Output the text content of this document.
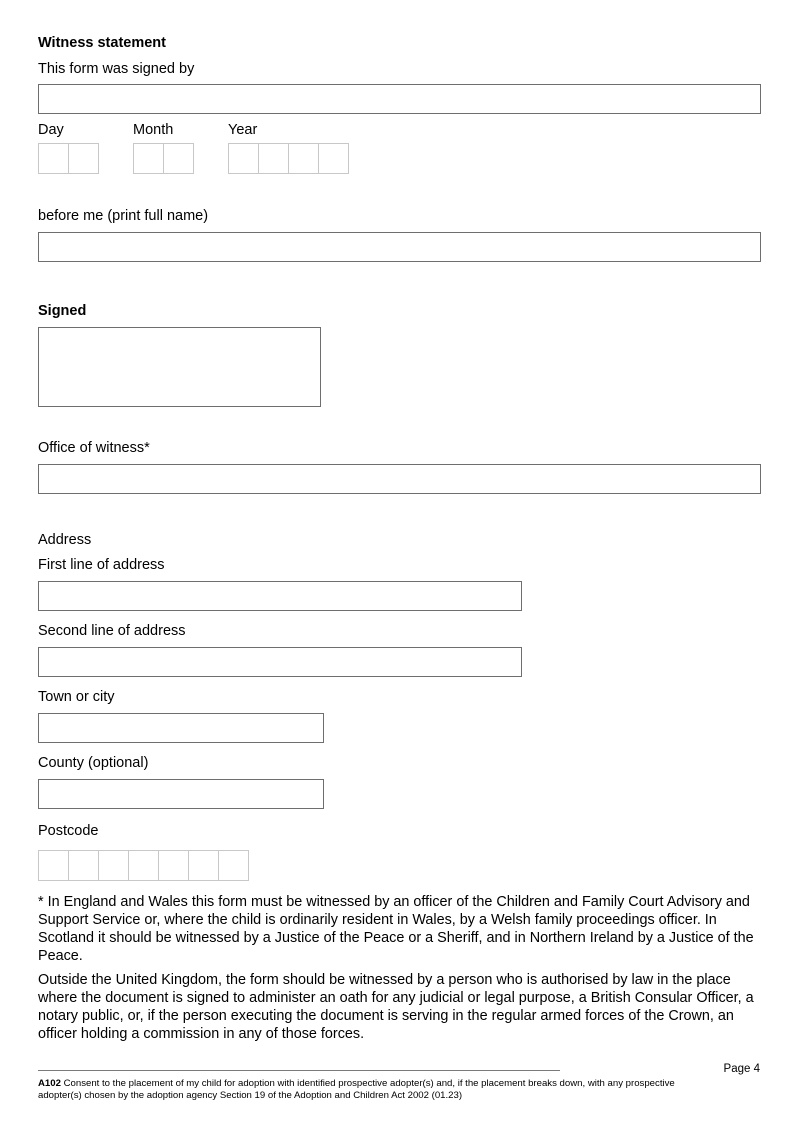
Witness statement
This form was signed by
Day	Month	Year
before me (print full name)
Signed
Office of witness*
Address
First line of address
Second line of address
Town or city
County (optional)
Postcode
* In England and Wales this form must be witnessed by an officer of the Children and Family Court Advisory and Support Service or, where the child is ordinarily resident in Wales, by a Welsh family proceedings officer. In Scotland it should be witnessed by a Justice of the Peace or a Sheriff, and in Northern Ireland by a Justice of the Peace.
Outside the United Kingdom, the form should be witnessed by a person who is authorised by law in the place where the document is signed to administer an oath for any judicial or legal purpose, a British Consular Officer, a notary public, or, if the person executing the document is serving in the regular armed forces of the Crown, an officer holding a commission in any of those forces.
Page 4
A102 Consent to the placement of my child for adoption with identified prospective adopter(s) and, if the placement breaks down, with any prospective adopter(s) chosen by the adoption agency Section 19 of the Adoption and Children Act 2002 (01.23)
